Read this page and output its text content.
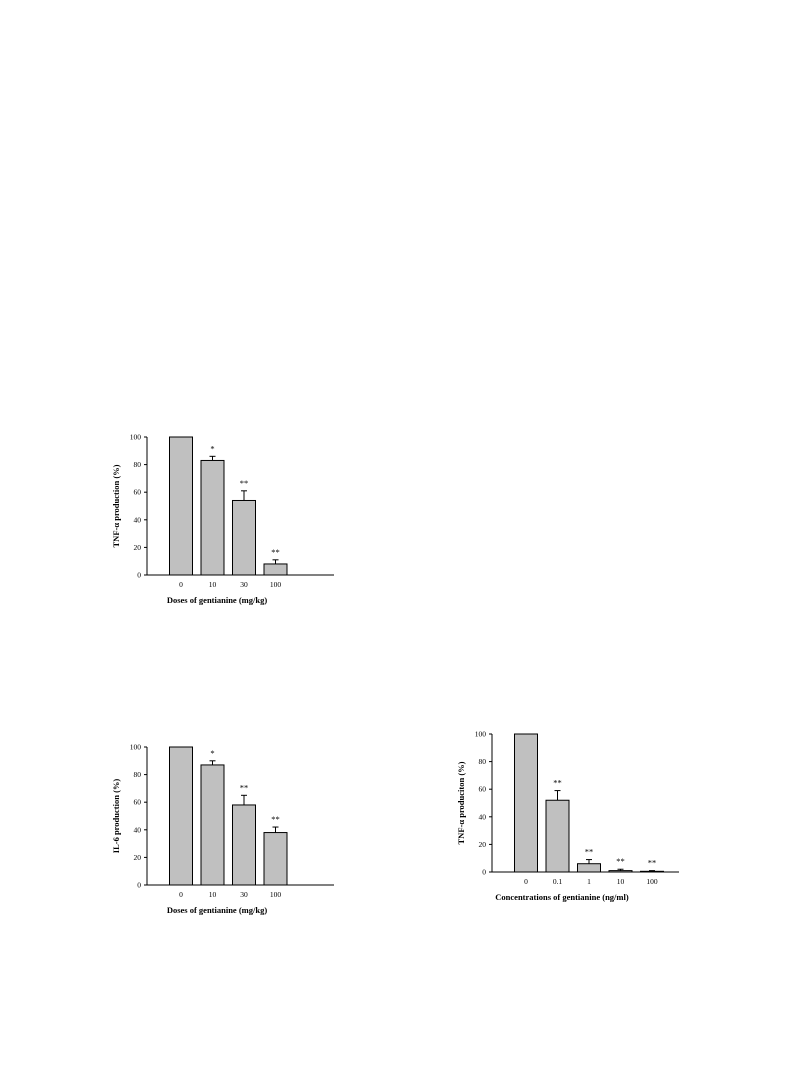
0
20
40
60
80
100
0
*
10
**
30
**
100
Doses of gentianine (mg/kg)
TNF-α production (%)
0
20
40
60
80
100
0
*
10
**
30
**
100
Doses of gentianine (mg/kg)
IL-6 production (%)
0
20
40
60
80
100
0
**
0.1
**
1
**
10
**
100
Concentrations of gentianine (ng/ml)
TNF-α produciton (%)
